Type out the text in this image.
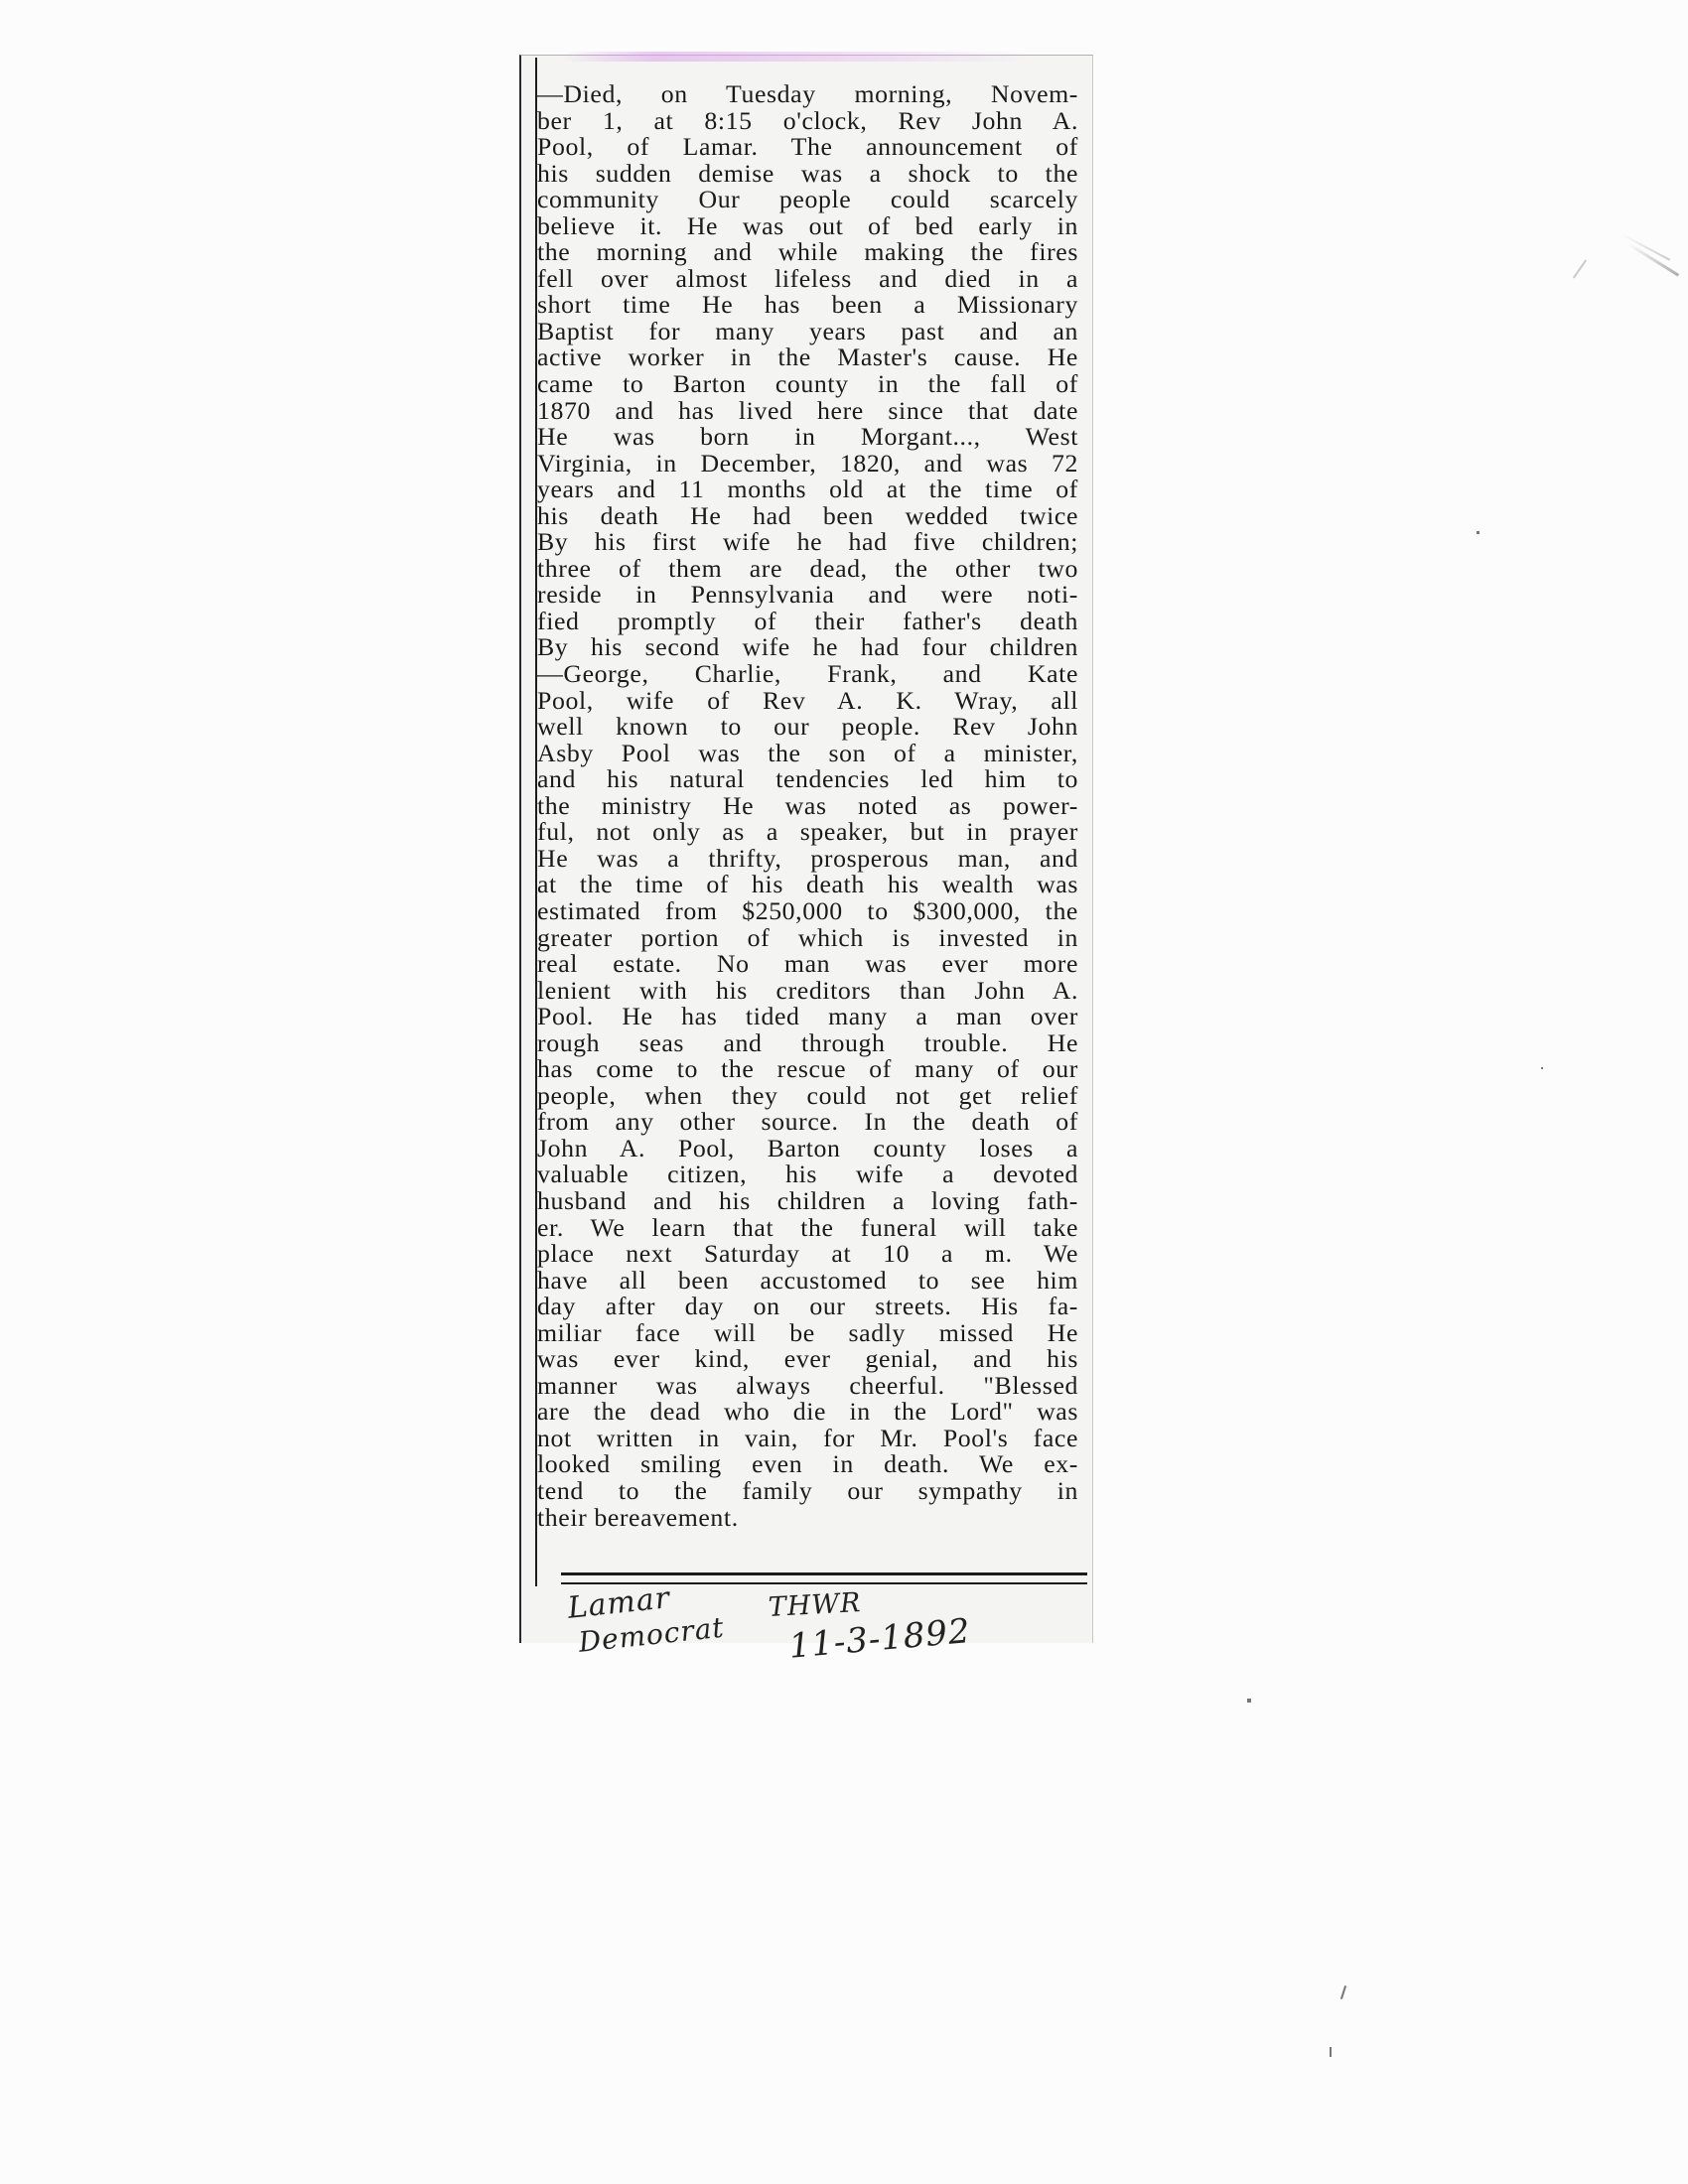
—Died, on Tuesday morning, Novem-
ber 1, at 8:15 o'clock, Rev John A.
Pool, of Lamar. The announcement of
his sudden demise was a shock to the
community Our people could scarcely
believe it. He was out of bed early in
the morning and while making the fires
fell over almost lifeless and died in a
short time He has been a Missionary
Baptist for many years past and an
active worker in the Master's cause. He
came to Barton county in the fall of
1870 and has lived here since that date
He was born in Morgant..., West
Virginia, in December, 1820, and was 72
years and 11 months old at the time of
his death He had been wedded twice
By his first wife he had five children;
three of them are dead, the other two
reside in Pennsylvania and were noti-
fied promptly of their father's death
By his second wife he had four children
—George, Charlie, Frank, and Kate
Pool, wife of Rev A. K. Wray, all
well known to our people. Rev John
Asby Pool was the son of a minister,
and his natural tendencies led him to
the ministry He was noted as power-
ful, not only as a speaker, but in prayer
He was a thrifty, prosperous man, and
at the time of his death his wealth was
estimated from $250,000 to $300,000, the
greater portion of which is invested in
real estate. No man was ever more
lenient with his creditors than John A.
Pool. He has tided many a man over
rough seas and through trouble. He
has come to the rescue of many of our
people, when they could not get relief
from any other source. In the death of
John A. Pool, Barton county loses a
valuable citizen, his wife a devoted
husband and his children a loving fath-
er. We learn that the funeral will take
place next Saturday at 10 a m. We
have all been accustomed to see him
day after day on our streets. His fa-
miliar face will be sadly missed He
was ever kind, ever genial, and his
manner was always cheerful. "Blessed
are the dead who die in the Lord" was
not written in vain, for Mr. Pool's face
looked smiling even in death. We ex-
tend to the family our sympathy in
their bereavement.
Lamar
Democrat
THWR
11-3-1892
